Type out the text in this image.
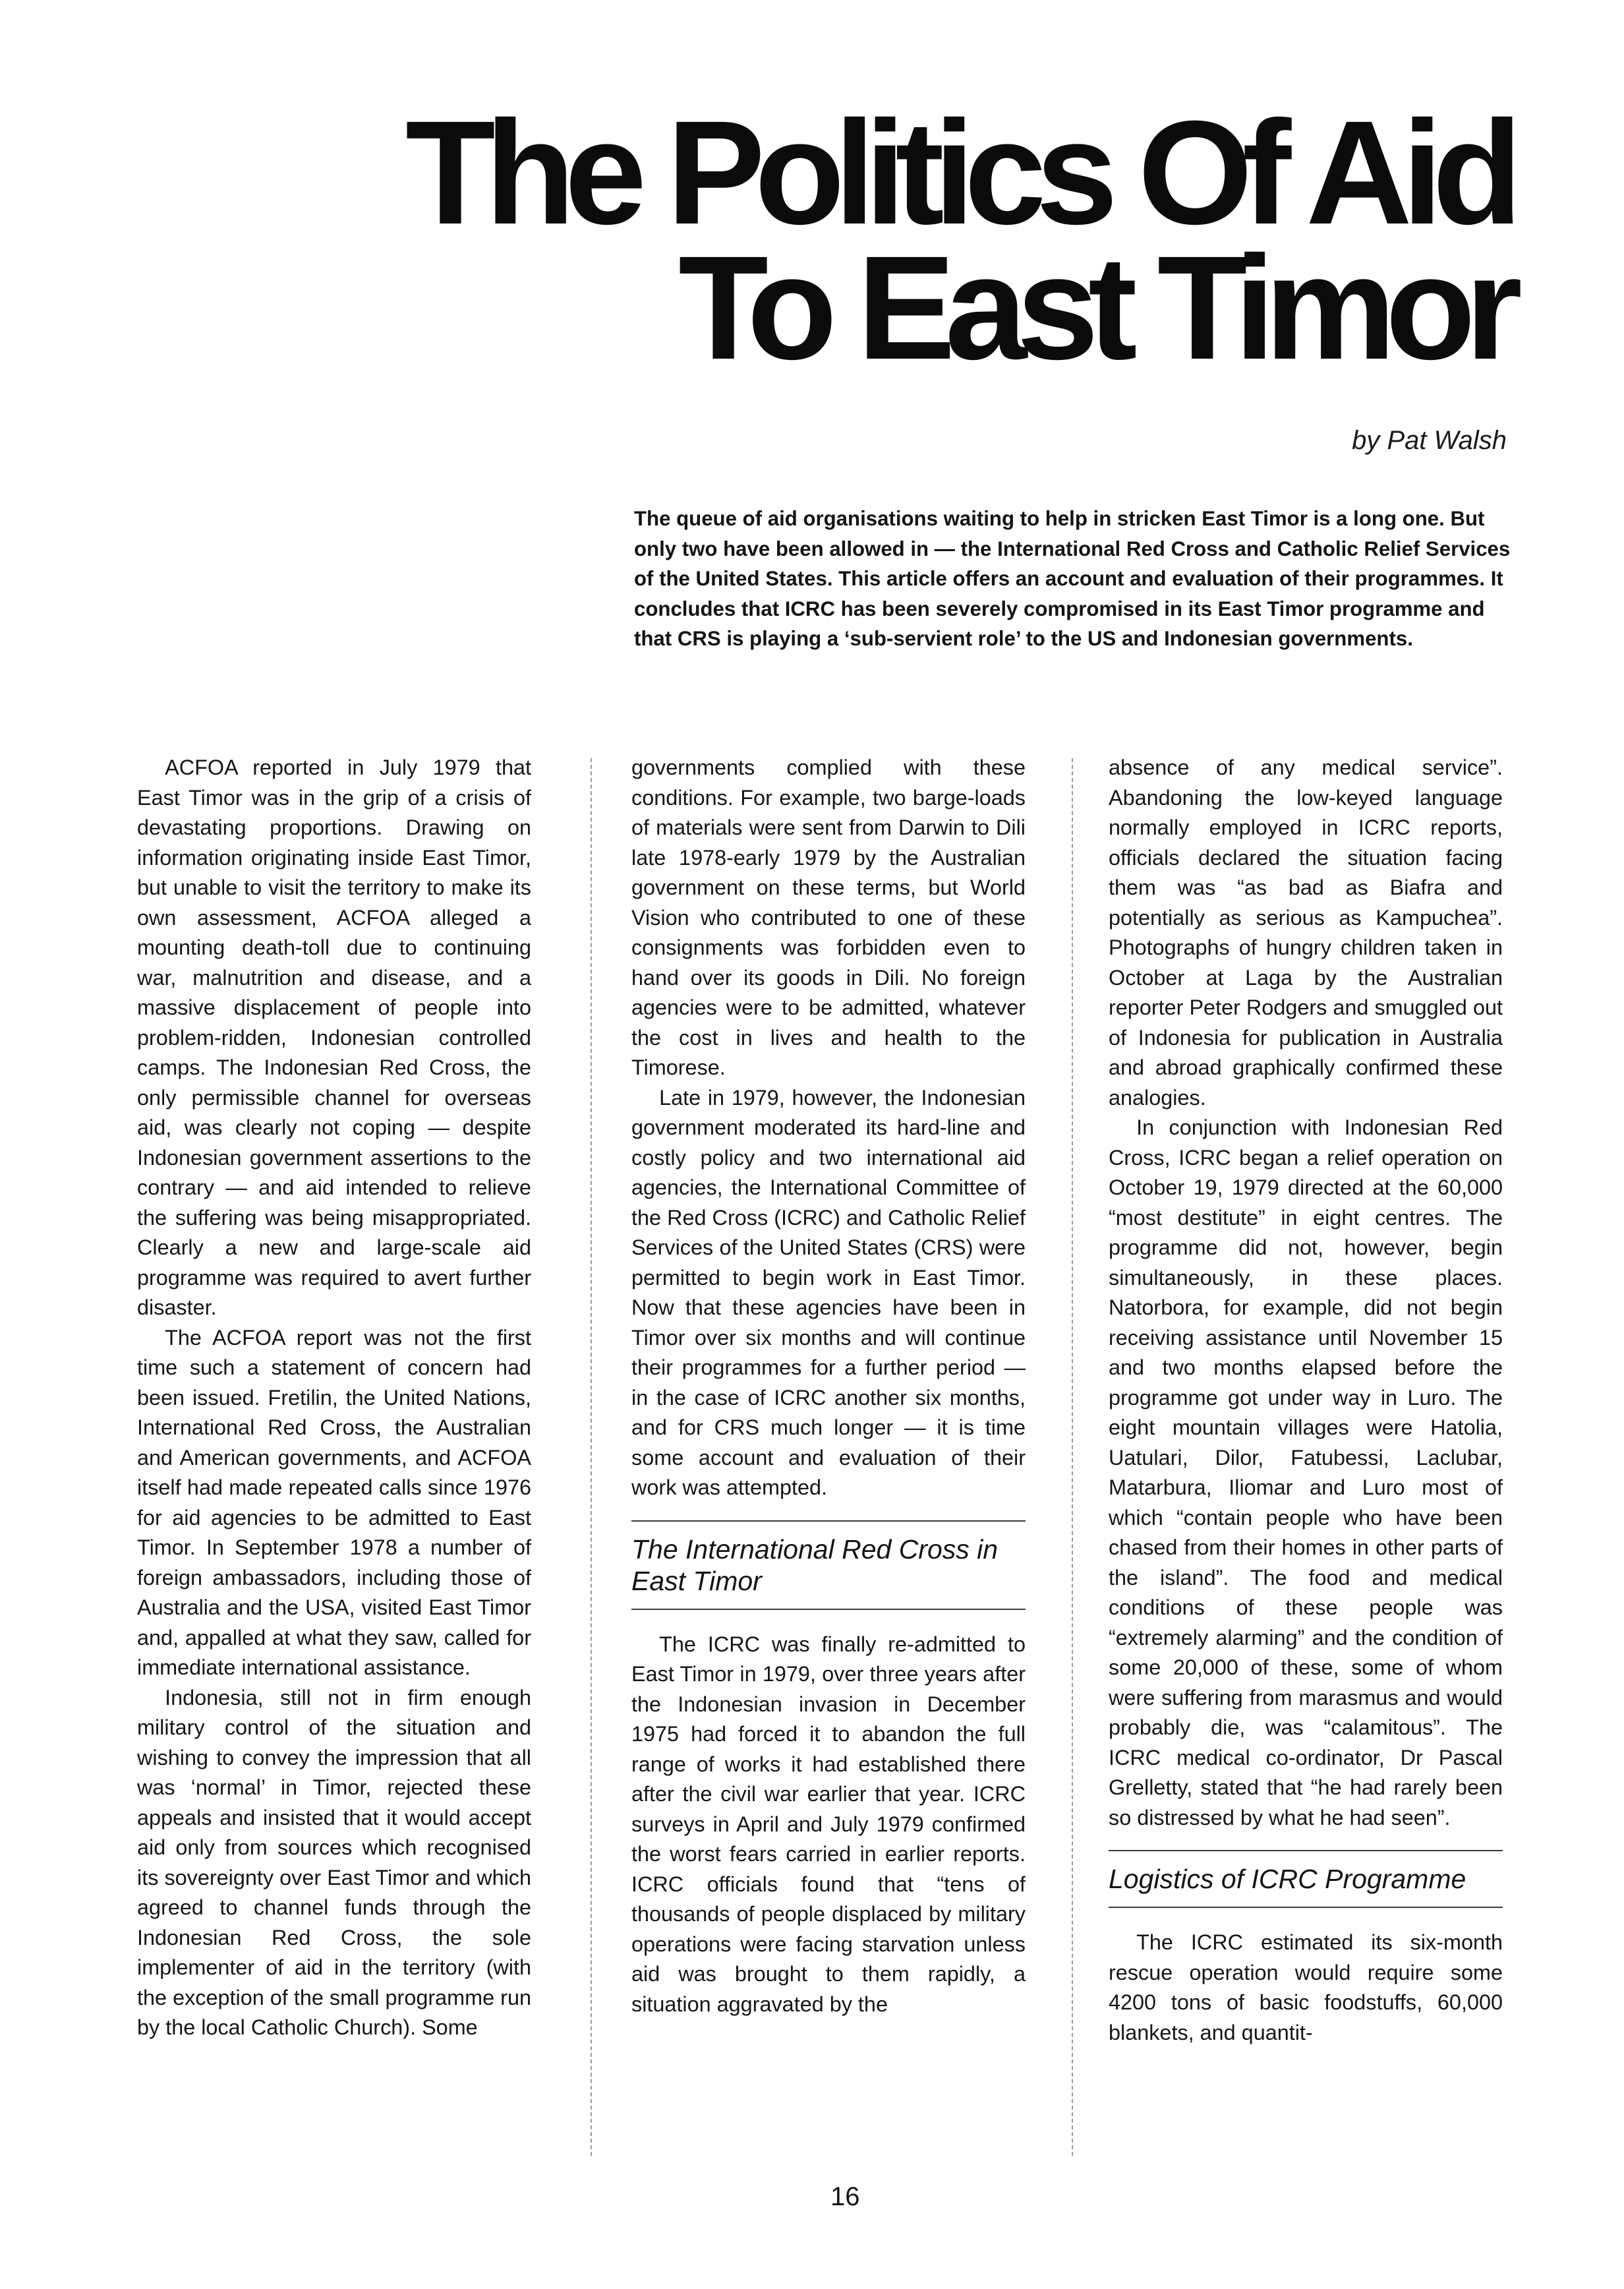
The Politics Of Aid
To East Timor
by Pat Walsh

The queue of aid organisations waiting to help in stricken East Timor is a long one. But only two have been allowed in — the International Red Cross and Catholic Relief Services of the United States. This article offers an account and evaluation of their programmes. It concludes that ICRC has been severely compromised in its East Timor programme and that CRS is playing a ‘sub-servient role’ to the US and Indonesian governments.

ACFOA reported in July 1979 that East Timor was in the grip of a crisis of devastating proportions. Drawing on information originating inside East Timor, but unable to visit the territory to make its own assessment, ACFOA alleged a mounting death-toll due to continuing war, malnutrition and disease, and a massive displacement of people into problem-ridden, Indonesian controlled camps. The Indonesian Red Cross, the only permissible channel for overseas aid, was clearly not coping — despite Indonesian government assertions to the contrary — and aid intended to relieve the suffering was being misappropriated. Clearly a new and large-scale aid programme was required to avert further disaster.

The ACFOA report was not the first time such a statement of concern had been issued. Fretilin, the United Nations, International Red Cross, the Australian and American governments, and ACFOA itself had made repeated calls since 1976 for aid agencies to be admitted to East Timor. In September 1978 a number of foreign ambassadors, including those of Australia and the USA, visited East Timor and, appalled at what they saw, called for immediate international assistance.

Indonesia, still not in firm enough military control of the situation and wishing to convey the impression that all was ‘normal’ in Timor, rejected these appeals and insisted that it would accept aid only from sources which recognised its sovereignty over East Timor and which agreed to channel funds through the Indonesian Red Cross, the sole implementer of aid in the territory (with the exception of the small programme run by the local Catholic Church). Some

governments complied with these conditions. For example, two barge-loads of materials were sent from Darwin to Dili late 1978-early 1979 by the Australian government on these terms, but World Vision who contributed to one of these consignments was forbidden even to hand over its goods in Dili. No foreign agencies were to be admitted, whatever the cost in lives and health to the Timorese.

Late in 1979, however, the Indonesian government moderated its hard-line and costly policy and two international aid agencies, the International Committee of the Red Cross (ICRC) and Catholic Relief Services of the United States (CRS) were permitted to begin work in East Timor. Now that these agencies have been in Timor over six months and will continue their programmes for a further period — in the case of ICRC another six months, and for CRS much longer — it is time some account and evaluation of their work was attempted.

The International Red Cross in East Timor

The ICRC was finally re-admitted to East Timor in 1979, over three years after the Indonesian invasion in December 1975 had forced it to abandon the full range of works it had established there after the civil war earlier that year. ICRC surveys in April and July 1979 confirmed the worst fears carried in earlier reports. ICRC officials found that “tens of thousands of people displaced by military operations were facing starvation unless aid was brought to them rapidly, a situation aggravated by the

absence of any medical service”. Abandoning the low-keyed language normally employed in ICRC reports, officials declared the situation facing them was “as bad as Biafra and potentially as serious as Kampuchea”. Photographs of hungry children taken in October at Laga by the Australian reporter Peter Rodgers and smuggled out of Indonesia for publication in Australia and abroad graphically confirmed these analogies.

In conjunction with Indonesian Red Cross, ICRC began a relief operation on October 19, 1979 directed at the 60,000 “most destitute” in eight centres. The programme did not, however, begin simultaneously, in these places. Natorbora, for example, did not begin receiving assistance until November 15 and two months elapsed before the programme got under way in Luro. The eight mountain villages were Hatolia, Uatulari, Dilor, Fatubessi, Laclubar, Matarbura, Iliomar and Luro most of which “contain people who have been chased from their homes in other parts of the island”. The food and medical conditions of these people was “extremely alarming” and the condition of some 20,000 of these, some of whom were suffering from marasmus and would probably die, was “calamitous”. The ICRC medical co-ordinator, Dr Pascal Grelletty, stated that “he had rarely been so distressed by what he had seen”.

Logistics of ICRC Programme

The ICRC estimated its six-month rescue operation would require some 4200 tons of basic foodstuffs, 60,000 blankets, and quantit-

16
